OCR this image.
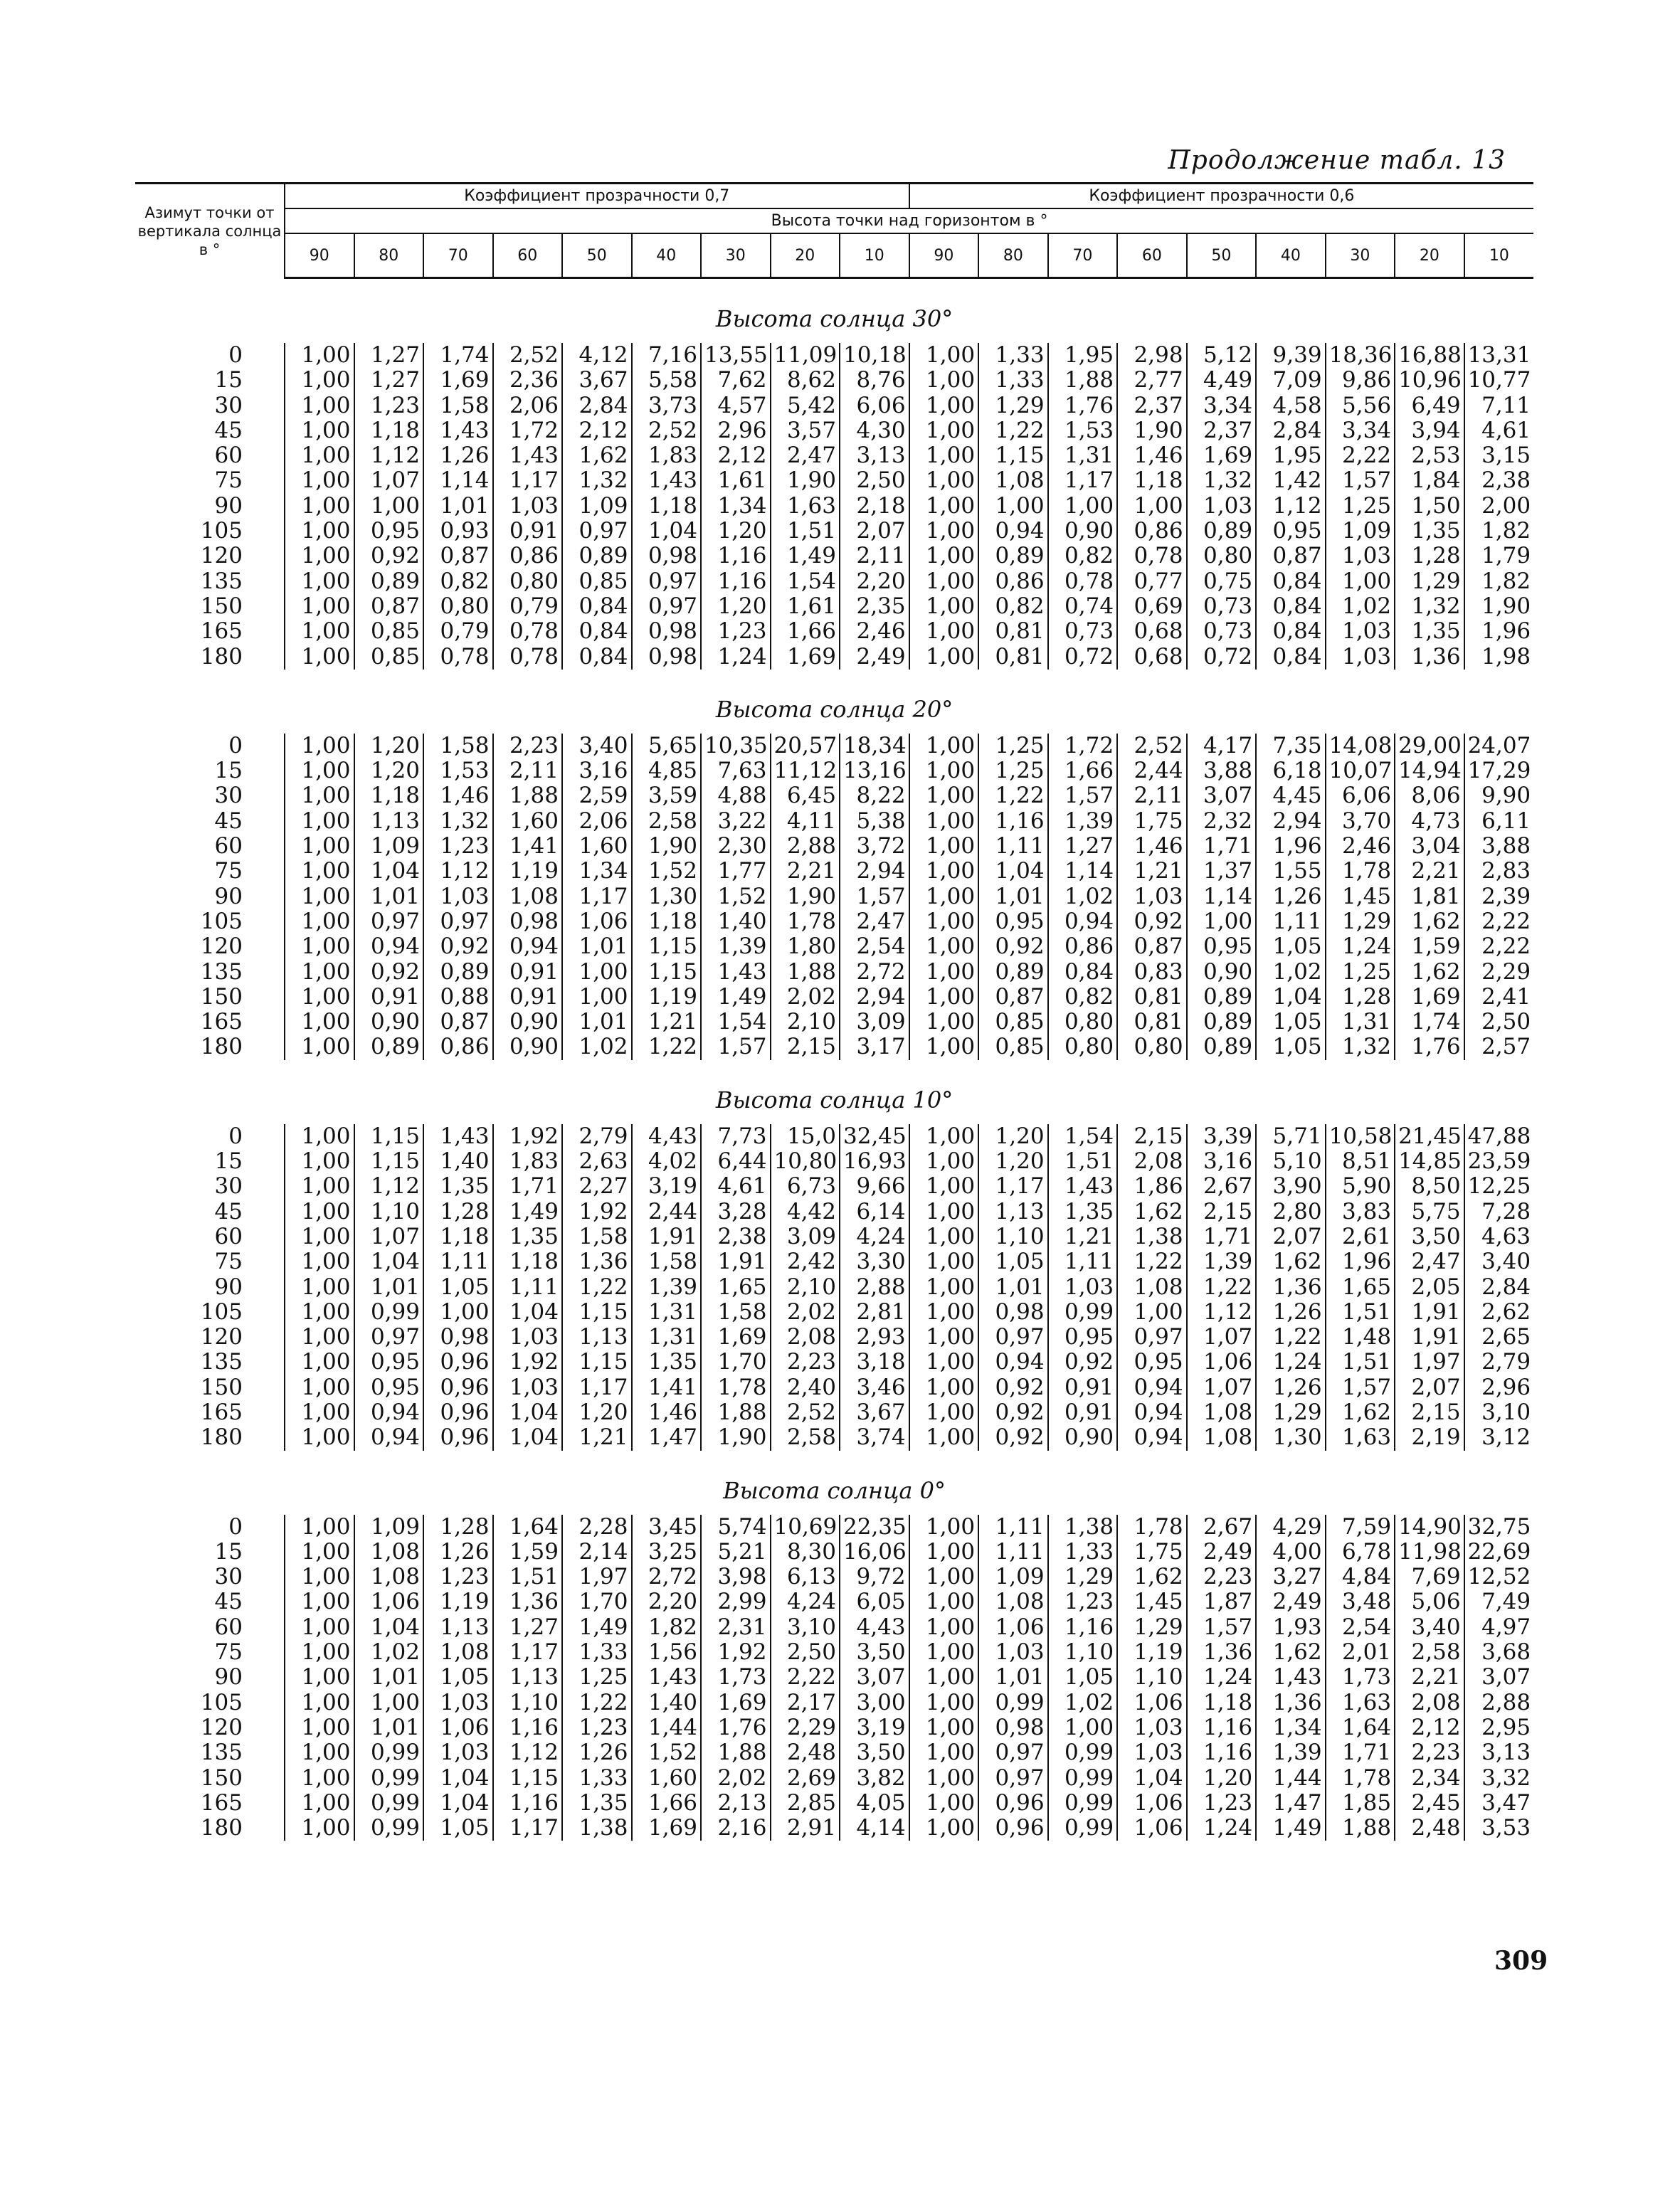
Продолжение табл. 13
Азимут точки от вертикала солнца в °	Коэффициент прозрачности 0,7									Коэффициент прозрачности 0,6								
	Высота точки над горизонтом в °																	
	90	80	70	60	50	40	30	20	10	90	80	70	60	50	40	30	20	10
Высота солнца 30°																		
0	1,00	1,27	1,74	2,52	4,12	7,16	13,55	11,09	10,18	1,00	1,33	1,95	2,98	5,12	9,39	18,36	16,88	13,31
15	1,00	1,27	1,69	2,36	3,67	5,58	7,62	8,62	8,76	1,00	1,33	1,88	2,77	4,49	7,09	9,86	10,96	10,77
30	1,00	1,23	1,58	2,06	2,84	3,73	4,57	5,42	6,06	1,00	1,29	1,76	2,37	3,34	4,58	5,56	6,49	7,11
45	1,00	1,18	1,43	1,72	2,12	2,52	2,96	3,57	4,30	1,00	1,22	1,53	1,90	2,37	2,84	3,34	3,94	4,61
60	1,00	1,12	1,26	1,43	1,62	1,83	2,12	2,47	3,13	1,00	1,15	1,31	1,46	1,69	1,95	2,22	2,53	3,15
75	1,00	1,07	1,14	1,17	1,32	1,43	1,61	1,90	2,50	1,00	1,08	1,17	1,18	1,32	1,42	1,57	1,84	2,38
90	1,00	1,00	1,01	1,03	1,09	1,18	1,34	1,63	2,18	1,00	1,00	1,00	1,00	1,03	1,12	1,25	1,50	2,00
105	1,00	0,95	0,93	0,91	0,97	1,04	1,20	1,51	2,07	1,00	0,94	0,90	0,86	0,89	0,95	1,09	1,35	1,82
120	1,00	0,92	0,87	0,86	0,89	0,98	1,16	1,49	2,11	1,00	0,89	0,82	0,78	0,80	0,87	1,03	1,28	1,79
135	1,00	0,89	0,82	0,80	0,85	0,97	1,16	1,54	2,20	1,00	0,86	0,78	0,77	0,75	0,84	1,00	1,29	1,82
150	1,00	0,87	0,80	0,79	0,84	0,97	1,20	1,61	2,35	1,00	0,82	0,74	0,69	0,73	0,84	1,02	1,32	1,90
165	1,00	0,85	0,79	0,78	0,84	0,98	1,23	1,66	2,46	1,00	0,81	0,73	0,68	0,73	0,84	1,03	1,35	1,96
180	1,00	0,85	0,78	0,78	0,84	0,98	1,24	1,69	2,49	1,00	0,81	0,72	0,68	0,72	0,84	1,03	1,36	1,98
Высота солнца 20°																		
0	1,00	1,20	1,58	2,23	3,40	5,65	10,35	20,57	18,34	1,00	1,25	1,72	2,52	4,17	7,35	14,08	29,00	24,07
15	1,00	1,20	1,53	2,11	3,16	4,85	7,63	11,12	13,16	1,00	1,25	1,66	2,44	3,88	6,18	10,07	14,94	17,29
30	1,00	1,18	1,46	1,88	2,59	3,59	4,88	6,45	8,22	1,00	1,22	1,57	2,11	3,07	4,45	6,06	8,06	9,90
45	1,00	1,13	1,32	1,60	2,06	2,58	3,22	4,11	5,38	1,00	1,16	1,39	1,75	2,32	2,94	3,70	4,73	6,11
60	1,00	1,09	1,23	1,41	1,60	1,90	2,30	2,88	3,72	1,00	1,11	1,27	1,46	1,71	1,96	2,46	3,04	3,88
75	1,00	1,04	1,12	1,19	1,34	1,52	1,77	2,21	2,94	1,00	1,04	1,14	1,21	1,37	1,55	1,78	2,21	2,83
90	1,00	1,01	1,03	1,08	1,17	1,30	1,52	1,90	1,57	1,00	1,01	1,02	1,03	1,14	1,26	1,45	1,81	2,39
105	1,00	0,97	0,97	0,98	1,06	1,18	1,40	1,78	2,47	1,00	0,95	0,94	0,92	1,00	1,11	1,29	1,62	2,22
120	1,00	0,94	0,92	0,94	1,01	1,15	1,39	1,80	2,54	1,00	0,92	0,86	0,87	0,95	1,05	1,24	1,59	2,22
135	1,00	0,92	0,89	0,91	1,00	1,15	1,43	1,88	2,72	1,00	0,89	0,84	0,83	0,90	1,02	1,25	1,62	2,29
150	1,00	0,91	0,88	0,91	1,00	1,19	1,49	2,02	2,94	1,00	0,87	0,82	0,81	0,89	1,04	1,28	1,69	2,41
165	1,00	0,90	0,87	0,90	1,01	1,21	1,54	2,10	3,09	1,00	0,85	0,80	0,81	0,89	1,05	1,31	1,74	2,50
180	1,00	0,89	0,86	0,90	1,02	1,22	1,57	2,15	3,17	1,00	0,85	0,80	0,80	0,89	1,05	1,32	1,76	2,57
Высота солнца 10°																		
0	1,00	1,15	1,43	1,92	2,79	4,43	7,73	15,0	32,45	1,00	1,20	1,54	2,15	3,39	5,71	10,58	21,45	47,88
15	1,00	1,15	1,40	1,83	2,63	4,02	6,44	10,80	16,93	1,00	1,20	1,51	2,08	3,16	5,10	8,51	14,85	23,59
30	1,00	1,12	1,35	1,71	2,27	3,19	4,61	6,73	9,66	1,00	1,17	1,43	1,86	2,67	3,90	5,90	8,50	12,25
45	1,00	1,10	1,28	1,49	1,92	2,44	3,28	4,42	6,14	1,00	1,13	1,35	1,62	2,15	2,80	3,83	5,75	7,28
60	1,00	1,07	1,18	1,35	1,58	1,91	2,38	3,09	4,24	1,00	1,10	1,21	1,38	1,71	2,07	2,61	3,50	4,63
75	1,00	1,04	1,11	1,18	1,36	1,58	1,91	2,42	3,30	1,00	1,05	1,11	1,22	1,39	1,62	1,96	2,47	3,40
90	1,00	1,01	1,05	1,11	1,22	1,39	1,65	2,10	2,88	1,00	1,01	1,03	1,08	1,22	1,36	1,65	2,05	2,84
105	1,00	0,99	1,00	1,04	1,15	1,31	1,58	2,02	2,81	1,00	0,98	0,99	1,00	1,12	1,26	1,51	1,91	2,62
120	1,00	0,97	0,98	1,03	1,13	1,31	1,69	2,08	2,93	1,00	0,97	0,95	0,97	1,07	1,22	1,48	1,91	2,65
135	1,00	0,95	0,96	1,92	1,15	1,35	1,70	2,23	3,18	1,00	0,94	0,92	0,95	1,06	1,24	1,51	1,97	2,79
150	1,00	0,95	0,96	1,03	1,17	1,41	1,78	2,40	3,46	1,00	0,92	0,91	0,94	1,07	1,26	1,57	2,07	2,96
165	1,00	0,94	0,96	1,04	1,20	1,46	1,88	2,52	3,67	1,00	0,92	0,91	0,94	1,08	1,29	1,62	2,15	3,10
180	1,00	0,94	0,96	1,04	1,21	1,47	1,90	2,58	3,74	1,00	0,92	0,90	0,94	1,08	1,30	1,63	2,19	3,12
Высота солнца 0°																		
0	1,00	1,09	1,28	1,64	2,28	3,45	5,74	10,69	22,35	1,00	1,11	1,38	1,78	2,67	4,29	7,59	14,90	32,75
15	1,00	1,08	1,26	1,59	2,14	3,25	5,21	8,30	16,06	1,00	1,11	1,33	1,75	2,49	4,00	6,78	11,98	22,69
30	1,00	1,08	1,23	1,51	1,97	2,72	3,98	6,13	9,72	1,00	1,09	1,29	1,62	2,23	3,27	4,84	7,69	12,52
45	1,00	1,06	1,19	1,36	1,70	2,20	2,99	4,24	6,05	1,00	1,08	1,23	1,45	1,87	2,49	3,48	5,06	7,49
60	1,00	1,04	1,13	1,27	1,49	1,82	2,31	3,10	4,43	1,00	1,06	1,16	1,29	1,57	1,93	2,54	3,40	4,97
75	1,00	1,02	1,08	1,17	1,33	1,56	1,92	2,50	3,50	1,00	1,03	1,10	1,19	1,36	1,62	2,01	2,58	3,68
90	1,00	1,01	1,05	1,13	1,25	1,43	1,73	2,22	3,07	1,00	1,01	1,05	1,10	1,24	1,43	1,73	2,21	3,07
105	1,00	1,00	1,03	1,10	1,22	1,40	1,69	2,17	3,00	1,00	0,99	1,02	1,06	1,18	1,36	1,63	2,08	2,88
120	1,00	1,01	1,06	1,16	1,23	1,44	1,76	2,29	3,19	1,00	0,98	1,00	1,03	1,16	1,34	1,64	2,12	2,95
135	1,00	0,99	1,03	1,12	1,26	1,52	1,88	2,48	3,50	1,00	0,97	0,99	1,03	1,16	1,39	1,71	2,23	3,13
150	1,00	0,99	1,04	1,15	1,33	1,60	2,02	2,69	3,82	1,00	0,97	0,99	1,04	1,20	1,44	1,78	2,34	3,32
165	1,00	0,99	1,04	1,16	1,35	1,66	2,13	2,85	4,05	1,00	0,96	0,99	1,06	1,23	1,47	1,85	2,45	3,47
180	1,00	0,99	1,05	1,17	1,38	1,69	2,16	2,91	4,14	1,00	0,96	0,99	1,06	1,24	1,49	1,88	2,48	3,53
309
